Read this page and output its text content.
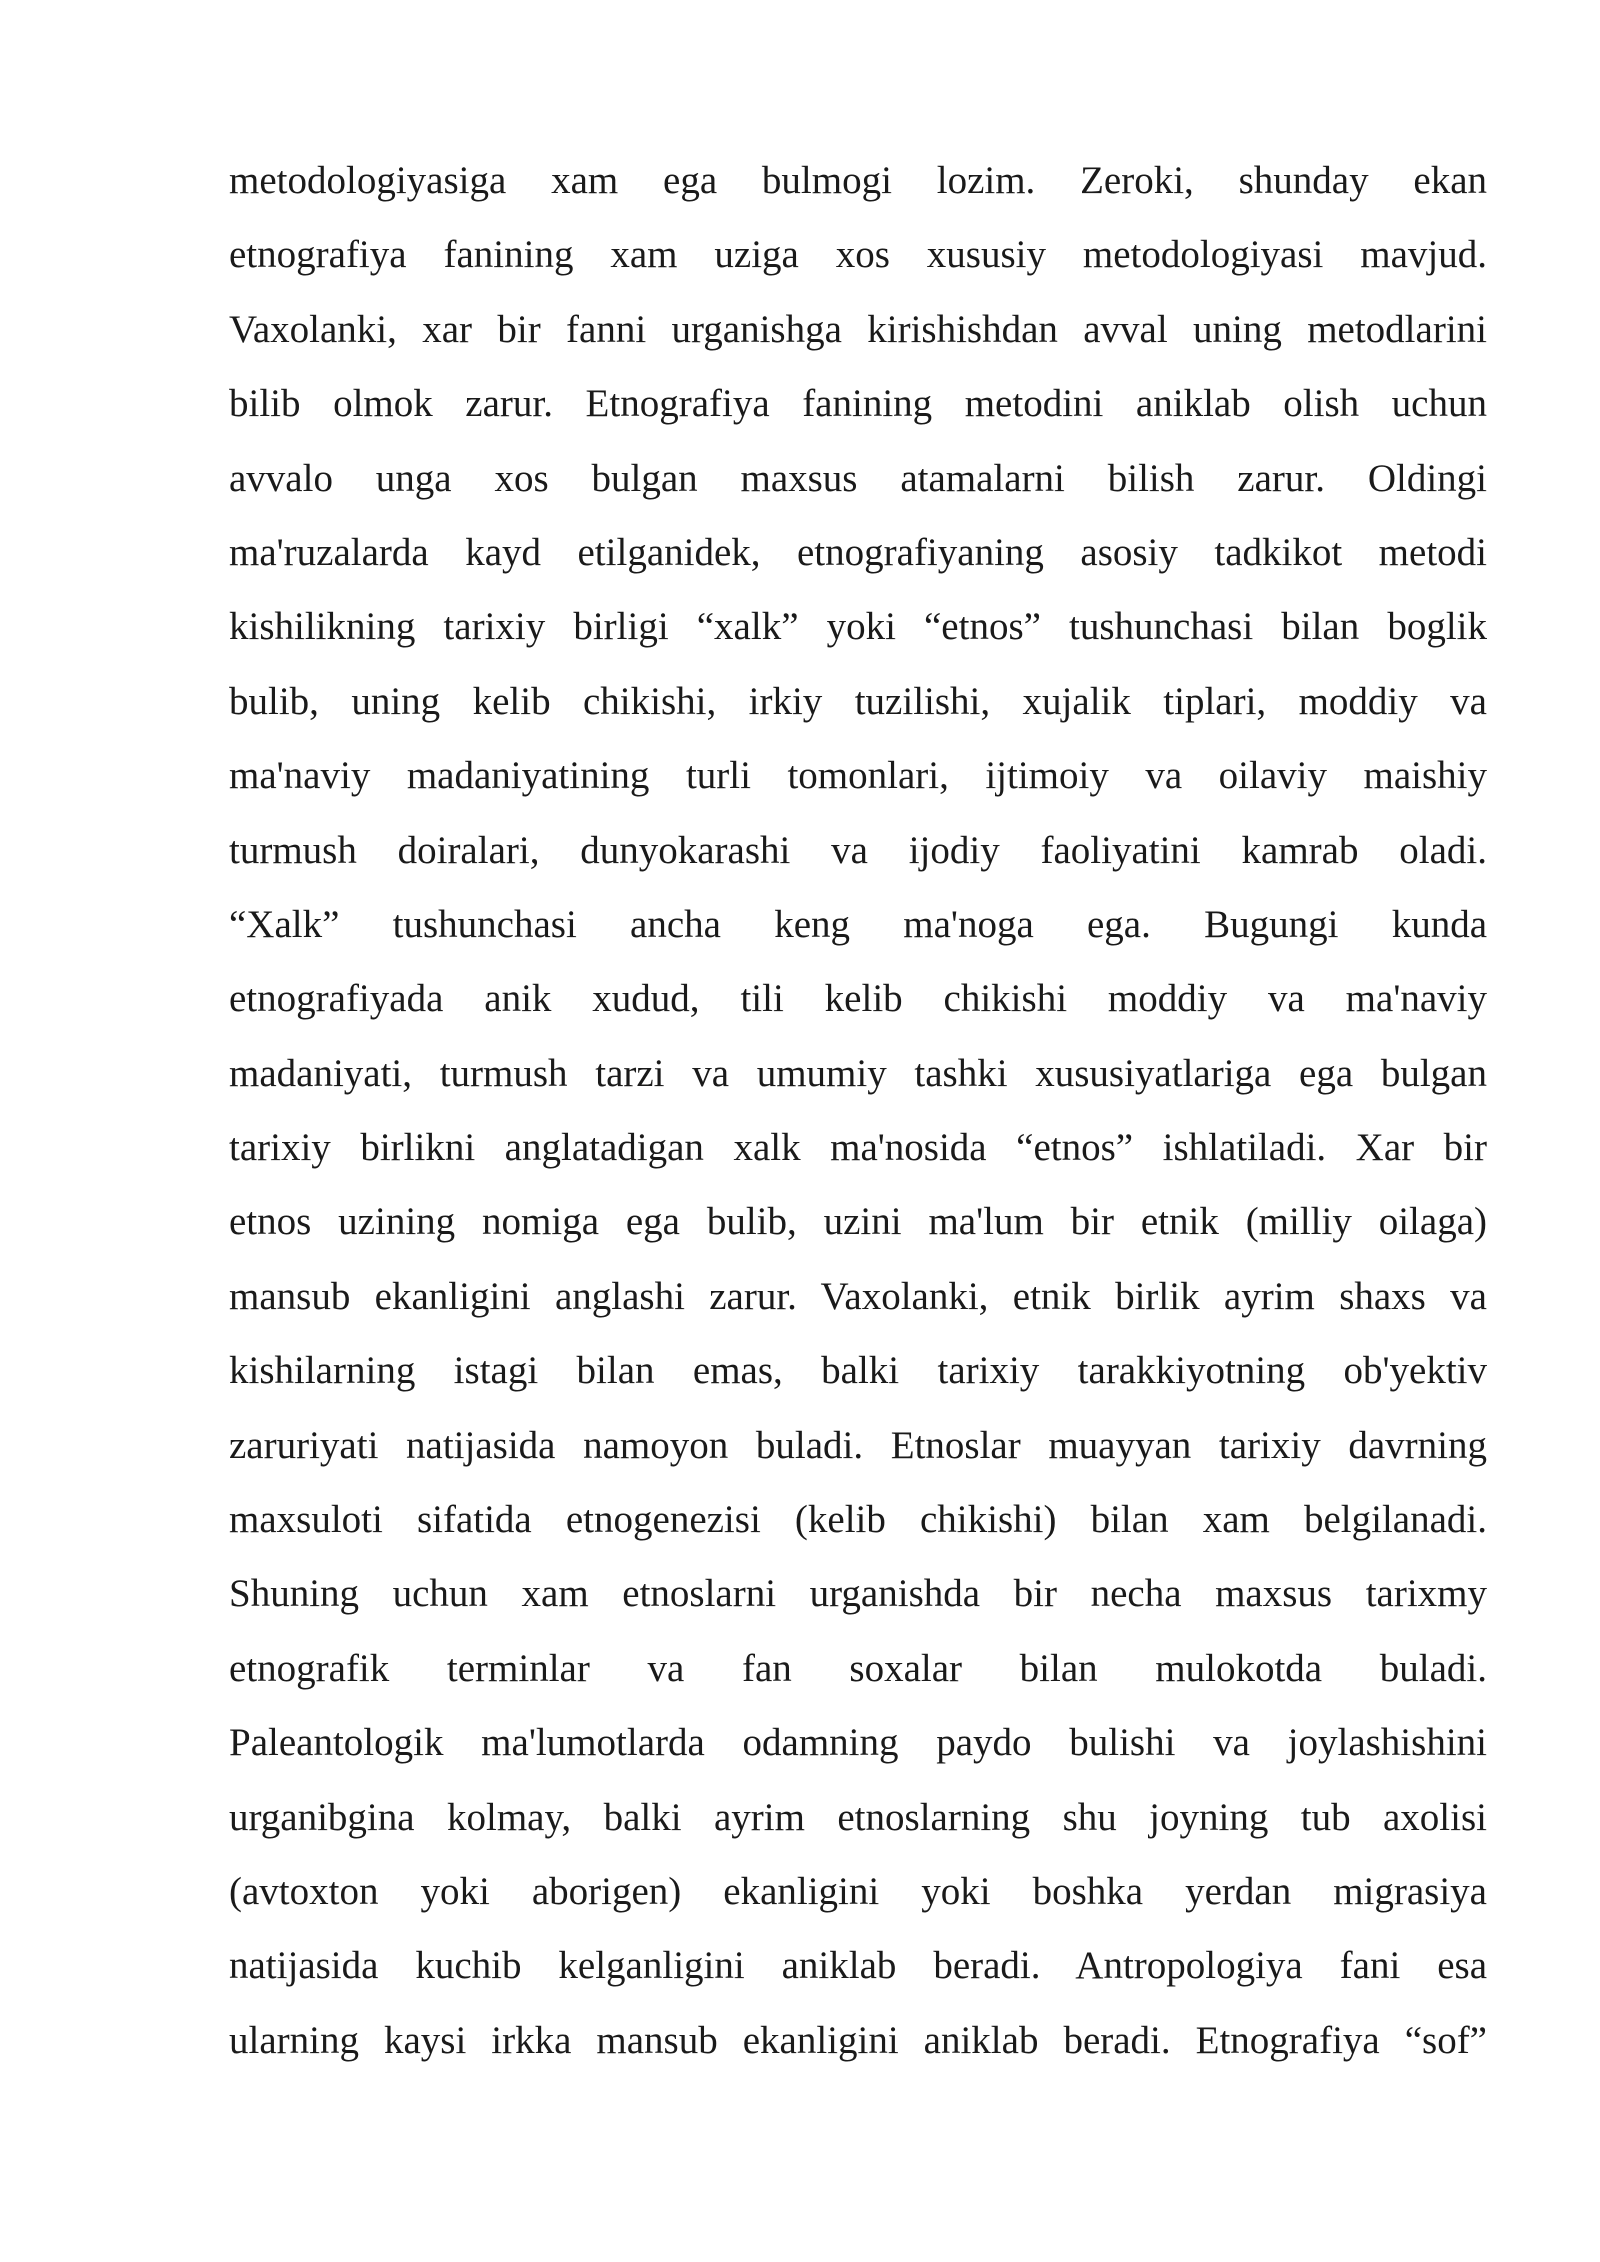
metodologiyasiga xam ega bulmogi lozim. Zeroki, shunday ekan
etnografiya fanining xam uziga xos xususiy metodologiyasi mavjud.
Vaxolanki, xar bir fanni urganishga kirishishdan avval uning metodlarini
bilib olmok zarur. Etnografiya fanining metodini aniklab olish uchun
avvalo unga xos bulgan maxsus atamalarni bilish zarur. Oldingi
ma'ruzalarda kayd etilganidek, etnografiyaning asosiy tadkikot metodi
kishilikning tarixiy birligi “xalk” yoki “etnos” tushunchasi bilan boglik
bulib, uning kelib chikishi, irkiy tuzilishi, xujalik tiplari, moddiy va
ma'naviy madaniyatining turli tomonlari, ijtimoiy va oilaviy maishiy
turmush doiralari, dunyokarashi va ijodiy faoliyatini kamrab oladi.
“Xalk” tushunchasi ancha keng ma'noga ega. Bugungi kunda
etnografiyada anik xudud, tili kelib chikishi moddiy va ma'naviy
madaniyati, turmush tarzi va umumiy tashki xususiyatlariga ega bulgan
tarixiy birlikni anglatadigan xalk ma'nosida “etnos” ishlatiladi. Xar bir
etnos uzining nomiga ega bulib, uzini ma'lum bir etnik (milliy oilaga)
mansub ekanligini anglashi zarur. Vaxolanki, etnik birlik ayrim shaxs va
kishilarning istagi bilan emas, balki tarixiy tarakkiyotning ob'yektiv
zaruriyati natijasida namoyon buladi. Etnoslar muayyan tarixiy davrning
maxsuloti sifatida etnogenezisi (kelib chikishi) bilan xam belgilanadi.
Shuning uchun xam etnoslarni urganishda bir necha maxsus tarixmy
etnografik terminlar va fan soxalar bilan mulokotda buladi.
Paleantologik ma'lumotlarda odamning paydo bulishi va joylashishini
urganibgina kolmay, balki ayrim etnoslarning shu joyning tub axolisi
(avtoxton yoki aborigen) ekanligini yoki boshka yerdan migrasiya
natijasida kuchib kelganligini aniklab beradi. Antropologiya fani esa
ularning kaysi irkka mansub ekanligini aniklab beradi. Etnografiya “sof”
